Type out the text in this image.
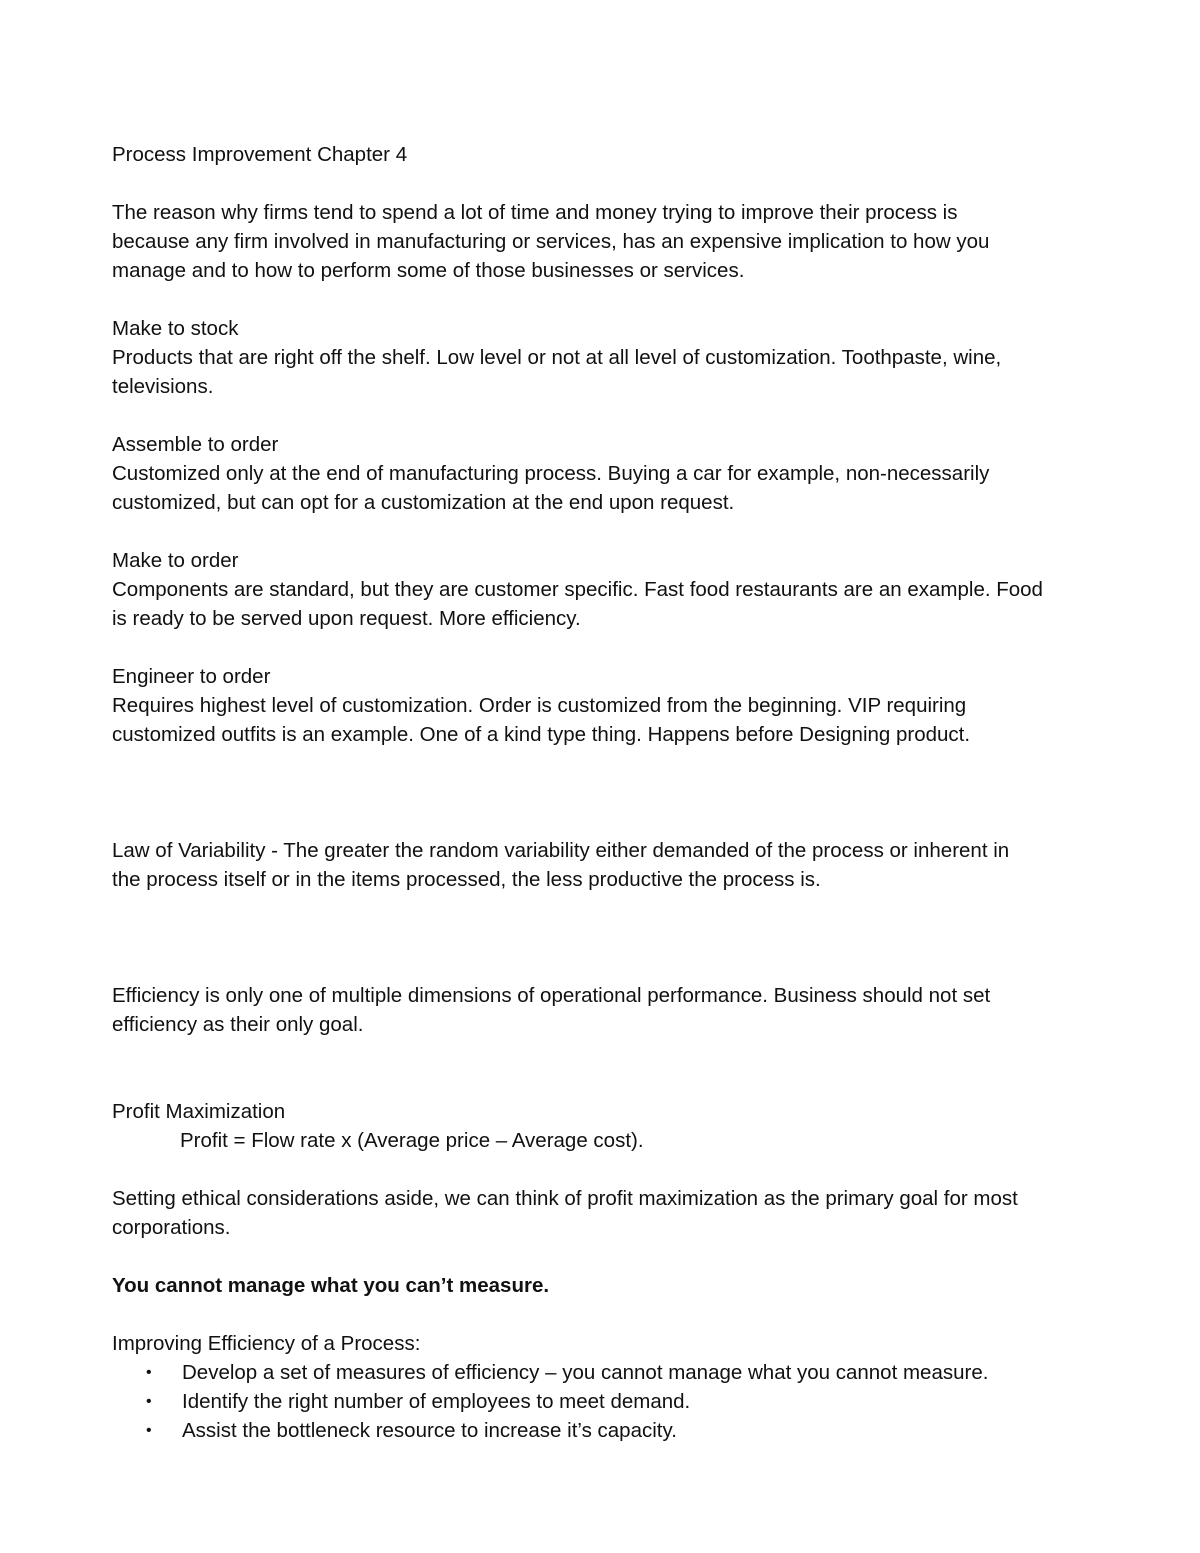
Process Improvement Chapter 4

The reason why firms tend to spend a lot of time and money trying to improve their process is
because any firm involved in manufacturing or services, has an expensive implication to how you
manage and to how to perform some of those businesses or services.

Make to stock
Products that are right off the shelf. Low level or not at all level of customization. Toothpaste, wine,
televisions.

Assemble to order
Customized only at the end of manufacturing process. Buying a car for example, non-necessarily
customized, but can opt for a customization at the end upon request.

Make to order
Components are standard, but they are customer specific. Fast food restaurants are an example. Food
is ready to be served upon request. More efficiency.

Engineer to order
Requires highest level of customization. Order is customized from the beginning. VIP requiring
customized outfits is an example. One of a kind type thing. Happens before Designing product.

Law of Variability - The greater the random variability either demanded of the process or inherent in
the process itself or in the items processed, the less productive the process is.

Efficiency is only one of multiple dimensions of operational performance. Business should not set
efficiency as their only goal.

Profit Maximization
Profit = Flow rate x (Average price – Average cost).

Setting ethical considerations aside, we can think of profit maximization as the primary goal for most
corporations.

You cannot manage what you can’t measure.

Improving Efficiency of a Process:

• Develop a set of measures of efficiency – you cannot manage what you cannot measure.
• Identify the right number of employees to meet demand.
• Assist the bottleneck resource to increase it’s capacity.
